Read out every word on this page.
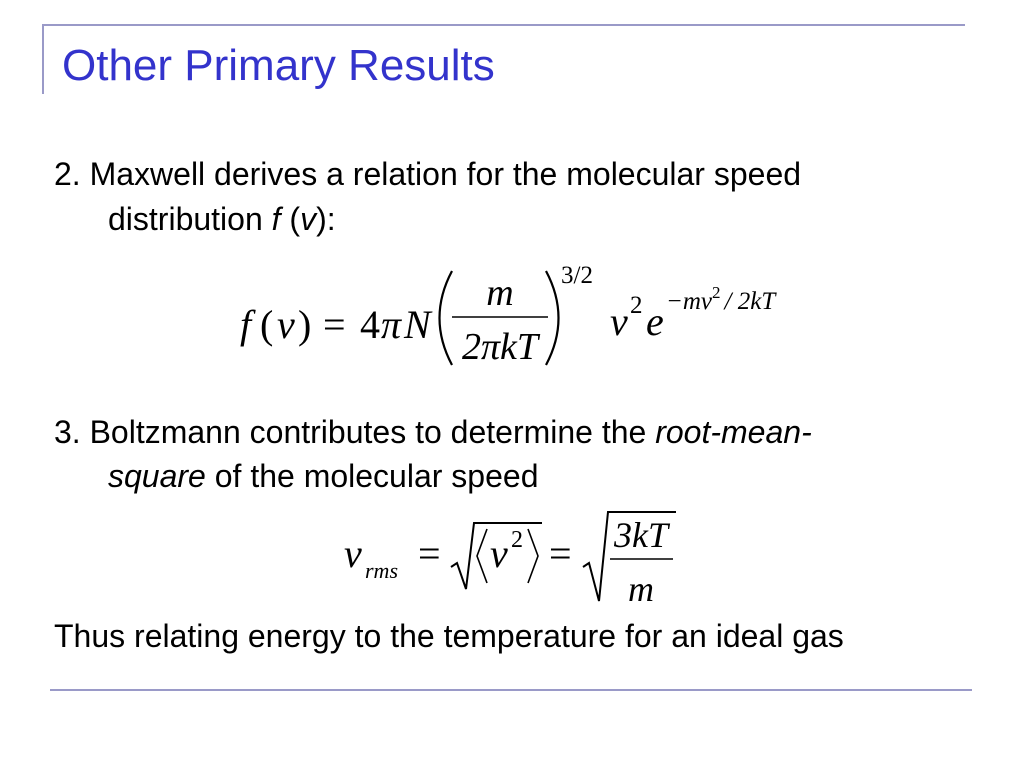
Other Primary Results
2. Maxwell derives a relation for the molecular speed
distribution f (v):
f ( v ) = 4 π N
m
2πkT
3/2
v 2 $e -mv^2 / 2kT$
3. Boltzmann contributes to determine the root-mean-
square of the molecular speed
v rms = v 2 = 3kT
m
Thus relating energy to the temperature for an ideal gas
